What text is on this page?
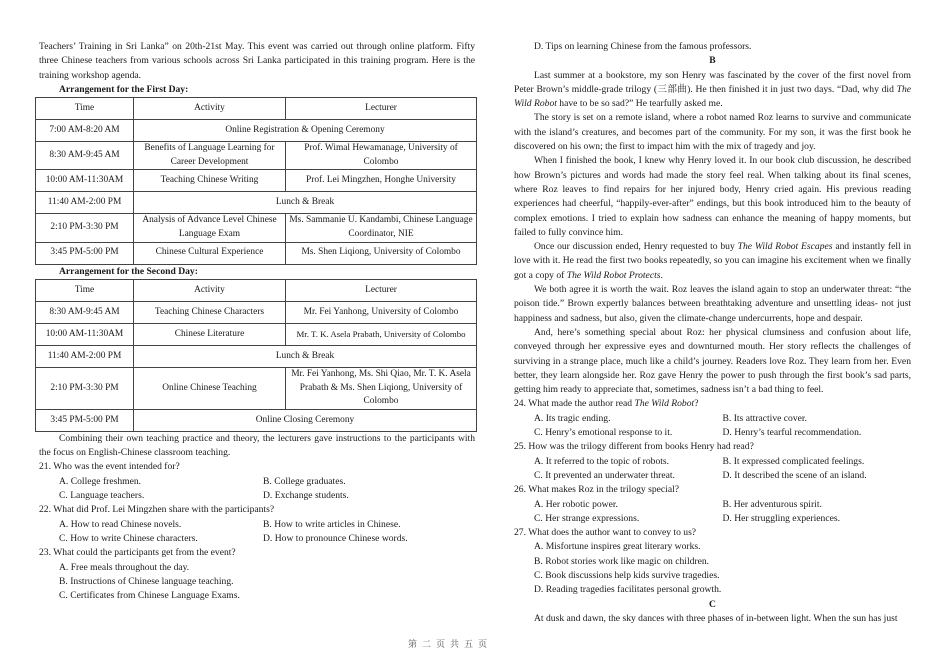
Teachers’ Training in Sri Lanka” on 20th-21st May. This event was carried out through online platform. Fifty three Chinese teachers from various schools across Sri Lanka participated in this training program. Here is the training workshop agenda.

Arrangement for the First Day:

Time	Activity	Lecturer
7:00 AM-8:20 AM	Online Registration & Opening Ceremony	
8:30 AM-9:45 AM	Benefits of Language Learning for Career Development	Prof. Wimal Hewamanage, University of Colombo
10:00 AM-11:30AM	Teaching Chinese Writing	Prof. Lei Mingzhen, Honghe University
11:40 AM-2:00 PM	Lunch & Break	
2:10 PM-3:30 PM	Analysis of Advance Level Chinese Language Exam	Ms. Sammanie U. Kandambi, Chinese Language Coordinator, NIE
3:45 PM-5:00 PM	Chinese Cultural Experience	Ms. Shen Liqiong, University of Colombo

Arrangement for the Second Day:

Time	Activity	Lecturer
8:30 AM-9:45 AM	Teaching Chinese Characters	Mr. Fei Yanhong, University of Colombo
10:00 AM-11:30AM	Chinese Literature	Mr. T. K. Asela Prabath, University of Colombo
11:40 AM-2:00 PM	Lunch & Break	
2:10 PM-3:30 PM	Online Chinese Teaching	Mr. Fei Yanhong, Ms. Shi Qiao, Mr. T. K. Asela Prabath & Ms. Shen Liqiong, University of Colombo
3:45 PM-5:00 PM	Online Closing Ceremony	

Combining their own teaching practice and theory, the lecturers gave instructions to the participants with the focus on English-Chinese classroom teaching.

21. Who was the event intended for?

A. College freshmen.	B. College graduates.
C. Language teachers.	D. Exchange students.

22. What did Prof. Lei Mingzhen share with the participants?

A. How to read Chinese novels.	B. How to write articles in Chinese.
C. How to write Chinese characters.	D. How to pronounce Chinese words.

23. What could the participants get from the event?

A. Free meals throughout the day.

B. Instructions of Chinese language teaching.

C. Certificates from Chinese Language Exams.

D. Tips on learning Chinese from the famous professors.

B

Last summer at a bookstore, my son Henry was fascinated by the cover of the first novel from Peter Brown’s middle-grade trilogy (三部曲). He then finished it in just two days. “Dad, why did The Wild Robot have to be so sad?” He tearfully asked me.

The story is set on a remote island, where a robot named Roz learns to survive and communicate with the island’s creatures, and becomes part of the community. For my son, it was the first book he discovered on his own; the first to impact him with the mix of tragedy and joy.

When I finished the book, I knew why Henry loved it. In our book club discussion, he described how Brown’s pictures and words had made the story feel real. When talking about its final scenes, where Roz leaves to find repairs for her injured body, Henry cried again. His previous reading experiences had cheerful, “happily-ever-after” endings, but this book introduced him to the beauty of complex emotions. I tried to explain how sadness can enhance the meaning of happy moments, but failed to fully convince him.

Once our discussion ended, Henry requested to buy The Wild Robot Escapes and instantly fell in love with it. He read the first two books repeatedly, so you can imagine his excitement when we finally got a copy of The Wild Robot Protects.

We both agree it is worth the wait. Roz leaves the island again to stop an underwater threat: “the poison tide.” Brown expertly balances between breathtaking adventure and unsettling ideas- not just happiness and sadness, but also, given the climate-change undercurrents, hope and despair.

And, here’s something special about Roz: her physical clumsiness and confusion about life, conveyed through her expressive eyes and downturned mouth. Her story reflects the challenges of surviving in a strange place, much like a child’s journey. Readers love Roz. They learn from her. Even better, they learn alongside her. Roz gave Henry the power to push through the first book’s sad parts, getting him ready to appreciate that, sometimes, sadness isn’t a bad thing to feel.

24. What made the author read The Wild Robot?

A. Its tragic ending.	B. Its attractive cover.
C. Henry’s emotional response to it.	D. Henry’s tearful recommendation.

25. How was the trilogy different from books Henry had read?

A. It referred to the topic of robots.	B. It expressed complicated feelings.
C. It prevented an underwater threat.	D. It described the scene of an island.

26. What makes Roz in the trilogy special?

A. Her robotic power.	B. Her adventurous spirit.
C. Her strange expressions.	D. Her struggling experiences.

27. What does the author want to convey to us?

A. Misfortune inspires great literary works.

B. Robot stories work like magic on children.

C. Book discussions help kids survive tragedies.

D. Reading tragedies facilitates personal growth.

C

At dusk and dawn, the sky dances with three phases of in-between light. When the sun has just

第二页共五页
